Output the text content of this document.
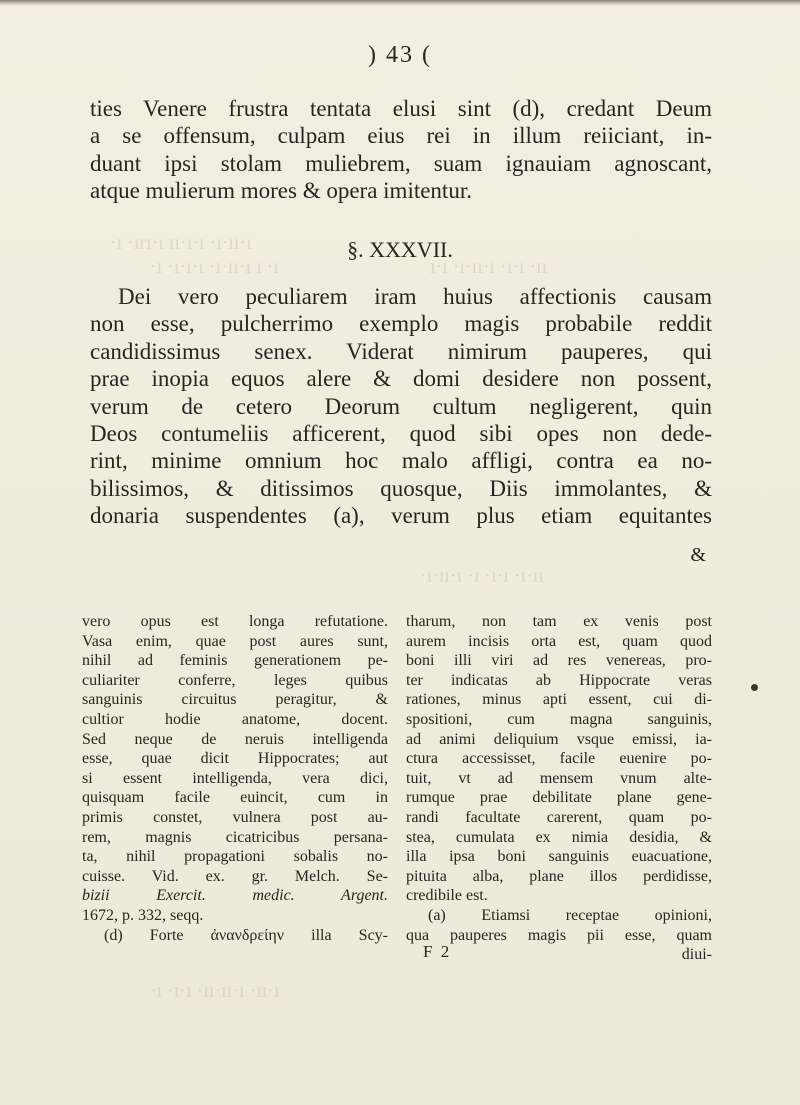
·ı ·ırı·ı ıı·ı·ı ·ı·ıı·ı
·ı ·ı·ı·ı ·ı·ıı·ı ı ·ı	ı·ı ·ı·ıı·ı ·ı·ı ·ıı
·ı·ıı·ı ·ı ·ı·ı ·ı·ıı
·ı ·ı·ı ·ıı·ıı·ı ·ıı·ı
) 43 (
ties Venere frustra tentata elusi sint (d), credant Deum
a se offensum, culpam eius rei in illum reiiciant, in-
duant ipsi stolam muliebrem, suam ignauiam agnoscant,
atque mulierum mores & opera imitentur.
§. XXXVII.
Dei vero peculiarem iram huius affectionis causam
non esse, pulcherrimo exemplo magis probabile reddit
candidissimus senex. Viderat nimirum pauperes, qui
prae inopia equos alere & domi desidere non possent,
verum de cetero Deorum cultum negligerent, quin
Deos contumeliis afficerent, quod sibi opes non dede-
rint, minime omnium hoc malo affligi, contra ea no-
bilissimos, & ditissimos quosque, Diis immolantes, &
donaria suspendentes (a), verum plus etiam equitantes
&
vero opus est longa refutatione.
Vasa enim, quae post aures sunt,
nihil ad feminis generationem pe-
culiariter conferre, leges quibus
sanguinis circuitus peragitur, &
cultior hodie anatome, docent.
Sed neque de neruis intelligenda
esse, quae dicit Hippocrates; aut
si essent intelligenda, vera dici,
quisquam facile euincit, cum in
primis constet, vulnera post au-
rem, magnis cicatricibus persana-
ta, nihil propagationi sobalis no-
cuisse. Vid. ex. gr. Melch. Se-
bizii Exercit. medic. Argent.
1672, p. 332, seqq.
(d) Forte ἀνανδρείην illa Scy-
tharum, non tam ex venis post
aurem incisis orta est, quam quod
boni illi viri ad res venereas, pro-
ter indicatas ab Hippocrate veras
rationes, minus apti essent, cui di-
spositioni, cum magna sanguinis,
ad animi deliquium vsque emissi, ia-
ctura accessisset, facile euenire po-
tuit, vt ad mensem vnum alte-
rumque prae debilitate plane gene-
randi facultate carerent, quam po-
stea, cumulata ex nimia desidia, &
illa ipsa boni sanguinis euacuatione,
pituita alba, plane illos perdidisse,
credibile est.
(a) Etiamsi receptae opinioni,
qua pauperes magis pii esse, quam
diui-
F 2
